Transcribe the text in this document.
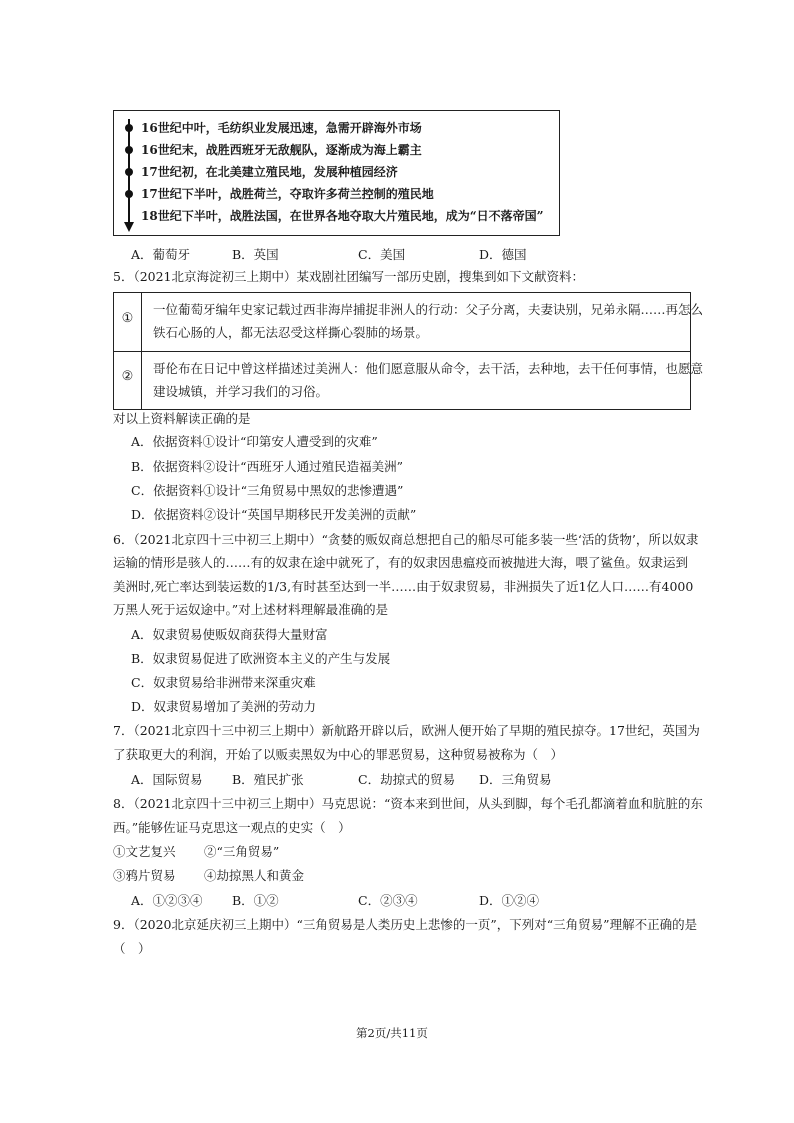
16世纪中叶，毛纺织业发展迅速，急需开辟海外市场
16世纪末，战胜西班牙无敌舰队，逐渐成为海上霸主
17世纪初，在北美建立殖民地，发展种植园经济
17世纪下半叶，战胜荷兰，夺取许多荷兰控制的殖民地
18世纪下半叶，战胜法国，在世界各地夺取大片殖民地，成为“日不落帝国”
A．葡萄牙	B．英国	C．美国	D．德国
5．（2021北京海淀初三上期中）某戏剧社团编写一部历史剧，搜集到如下文献资料：
①
一位葡萄牙编年史家记载过西非海岸捕捉非洲人的行动：父子分离，夫妻诀别，兄弟永隔……再怎么
铁石心肠的人，都无法忍受这样撕心裂肺的场景。
②
哥伦布在日记中曾这样描述过美洲人：他们愿意服从命令，去干活，去种地，去干任何事情，也愿意
建设城镇，并学习我们的习俗。
对以上资料解读正确的是
A．依据资料①设计“印第安人遭受到的灾难”
B．依据资料②设计“西班牙人通过殖民造福美洲”
C．依据资料①设计“三角贸易中黑奴的悲惨遭遇”
D．依据资料②设计“英国早期移民开发美洲的贡献”
6．（2021北京四十三中初三上期中）“贪婪的贩奴商总想把自己的船尽可能多装一些‘活的货物’，所以奴隶
运输的情形是骇人的……有的奴隶在途中就死了，有的奴隶因患瘟疫而被抛进大海，喂了鲨鱼。奴隶运到
美洲时,死亡率达到装运数的1/3,有时甚至达到一半……由于奴隶贸易，非洲损失了近1亿人口……有4000
万黑人死于运奴途中。”对上述材料理解最准确的是
A．奴隶贸易使贩奴商获得大量财富
B．奴隶贸易促进了欧洲资本主义的产生与发展
C．奴隶贸易给非洲带来深重灾难
D．奴隶贸易增加了美洲的劳动力
7．（2021北京四十三中初三上期中）新航路开辟以后，欧洲人便开始了早期的殖民掠夺。17世纪，英国为
了获取更大的利润，开始了以贩卖黑奴为中心的罪恶贸易，这种贸易被称为（　）
A．国际贸易 B．殖民扩张	C．劫掠式的贸易 D．三角贸易
8．（2021北京四十三中初三上期中）马克思说：“资本来到世间，从头到脚，每个毛孔都滴着血和肮脏的东
西。”能够佐证马克思这一观点的史实（　）
①文艺复兴 ②“三角贸易”
③鸦片贸易 ④劫掠黑人和黄金
A．①②③④ B．①②	C．②③④	D．①②④
9．（2020北京延庆初三上期中）“三角贸易是人类历史上悲惨的一页”，下列对“三角贸易”理解不正确的是
（　）
第2页/共11页
